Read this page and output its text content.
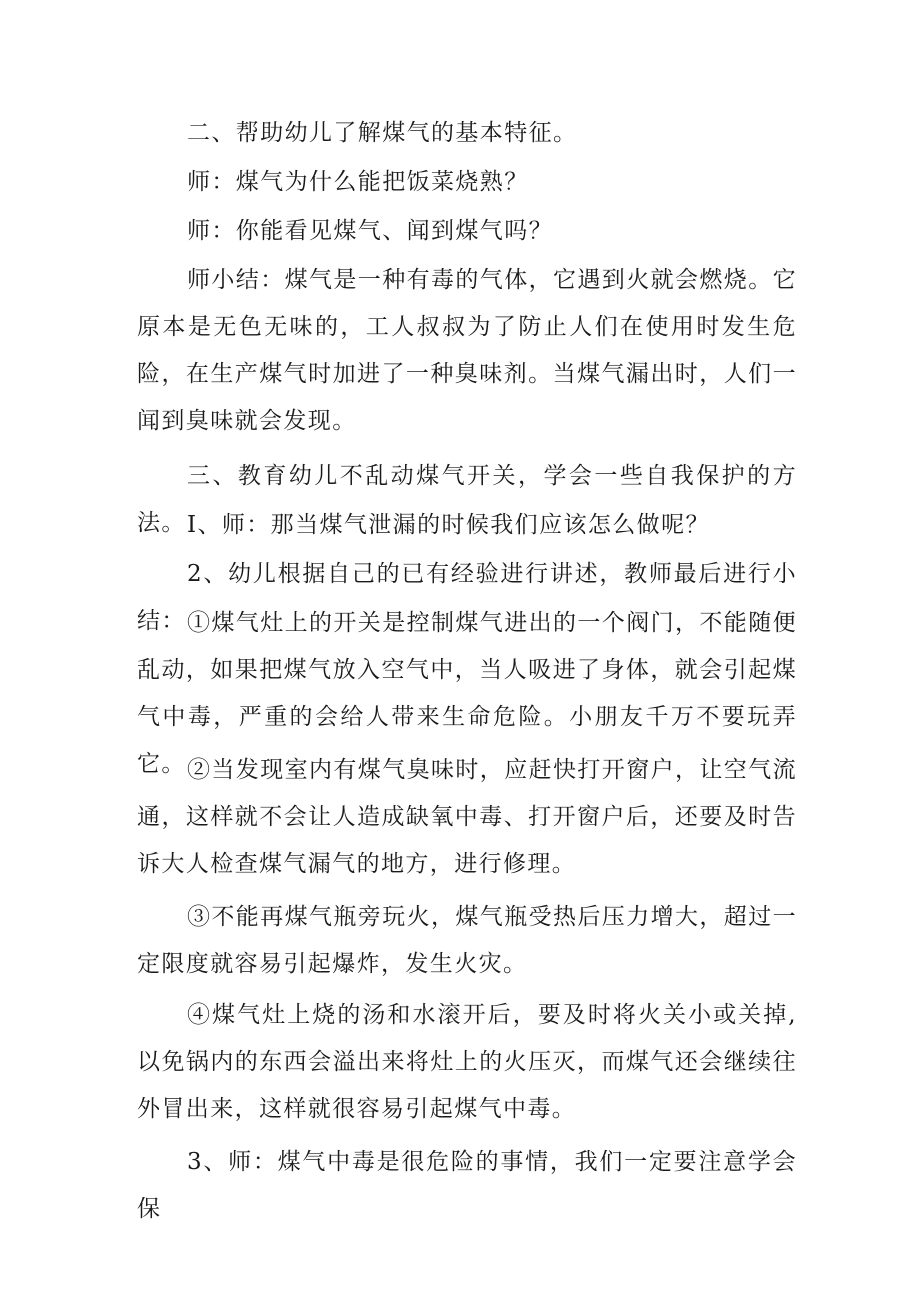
二、帮助幼儿了解煤气的基本特征。

师：煤气为什么能把饭菜烧熟？

师：你能看见煤气、闻到煤气吗？

师小结：煤气是一种有毒的气体，它遇到火就会燃烧。它原本是无色无味的，工人叔叔为了防止人们在使用时发生危险，在生产煤气时加进了一种臭味剂。当煤气漏出时，人们一闻到臭味就会发现。

三、教育幼儿不乱动煤气开关，学会一些自我保护的方法。 I、师：那当煤气泄漏的时候我们应该怎么做呢？

2、幼儿根据自己的已有经验进行讲述，教师最后进行小结： ①煤气灶上的开关是控制煤气进出的一个阀门，不能随便乱动，如果把煤气放入空气中，当人吸进了身体，就会引起煤气中毒，严重的会给人带来生命危险。小朋友千万不要玩弄它。 ②当发现室内有煤气臭味时，应赶快打开窗户，让空气流通，这样就不会让人造成缺氧中毒、打开窗户后，还要及时告诉大人检查煤气漏气的地方，进行修理。

③不能再煤气瓶旁玩火，煤气瓶受热后压力增大，超过一定限度就容易引起爆炸，发生火灾。

④煤气灶上烧的汤和水滚开后，要及时将火关小或关掉,以免锅内的东西会溢出来将灶上的火压灭，而煤气还会继续往外冒出来，这样就很容易引起煤气中毒。

3、师：煤气中毒是很危险的事情，我们一定要注意学会保
